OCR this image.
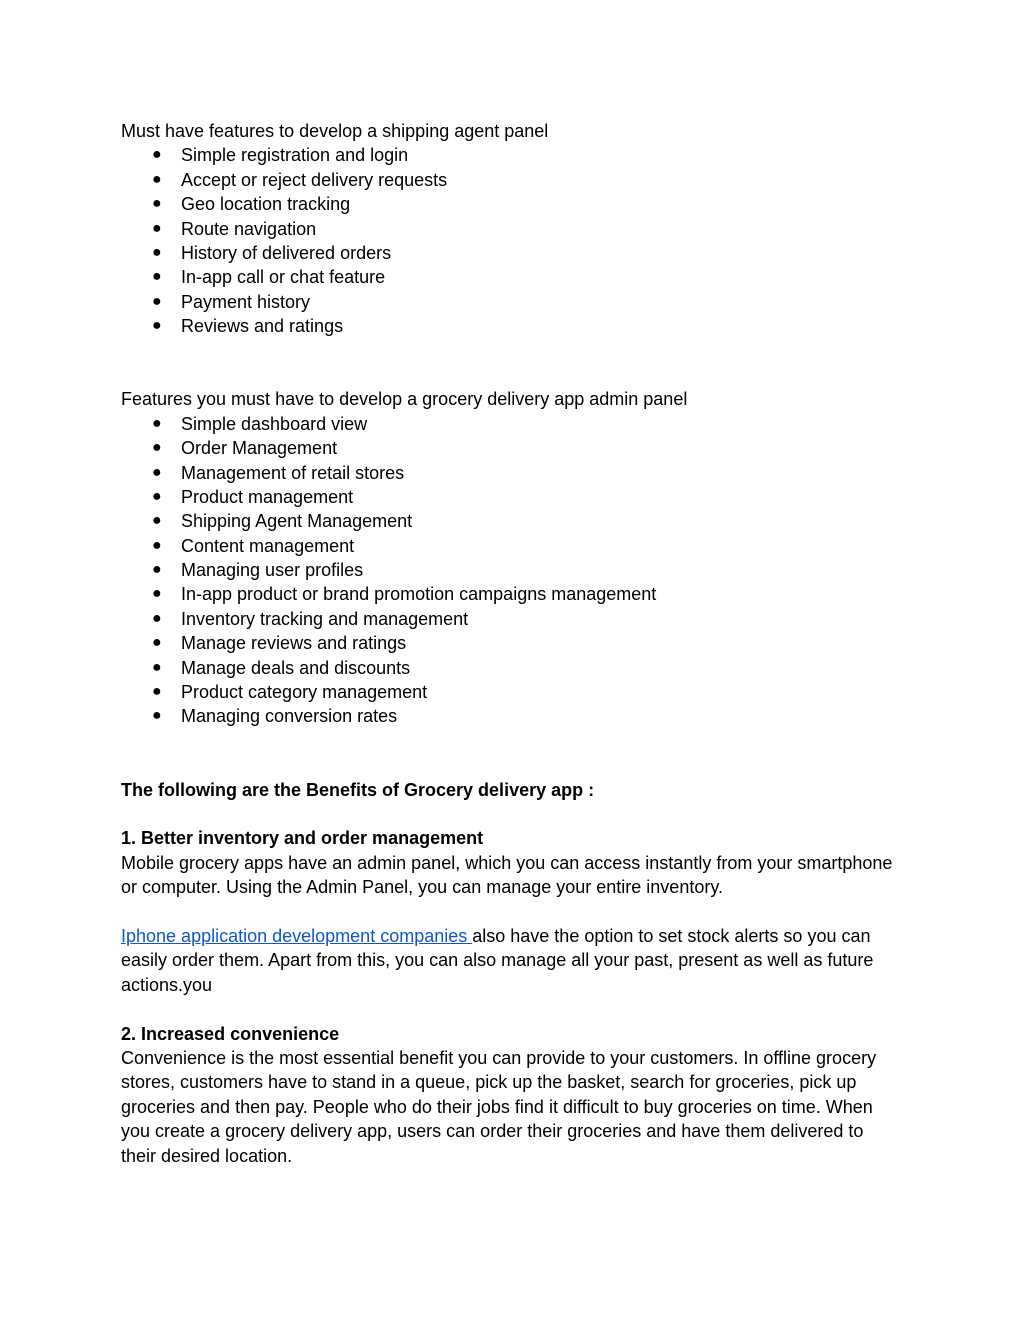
Must have features to develop a shipping agent panel

● Simple registration and login
● Accept or reject delivery requests
● Geo location tracking
● Route navigation
● History of delivered orders
● In-app call or chat feature
● Payment history
● Reviews and ratings

Features you must have to develop a grocery delivery app admin panel

● Simple dashboard view
● Order Management
● Management of retail stores
● Product management
● Shipping Agent Management
● Content management
● Managing user profiles
● In-app product or brand promotion campaigns management
● Inventory tracking and management
● Manage reviews and ratings
● Manage deals and discounts
● Product category management
● Managing conversion rates

The following are the Benefits of Grocery delivery app :

1. Better inventory and order management

Mobile grocery apps have an admin panel, which you can access instantly from your smartphone or computer. Using the Admin Panel, you can manage your entire inventory.

Iphone application development companies also have the option to set stock alerts so you can easily order them. Apart from this, you can also manage all your past, present as well as future actions.you

2. Increased convenience

Convenience is the most essential benefit you can provide to your customers. In offline grocery stores, customers have to stand in a queue, pick up the basket, search for groceries, pick up groceries and then pay. People who do their jobs find it difficult to buy groceries on time. When you create a grocery delivery app, users can order their groceries and have them delivered to their desired location.
